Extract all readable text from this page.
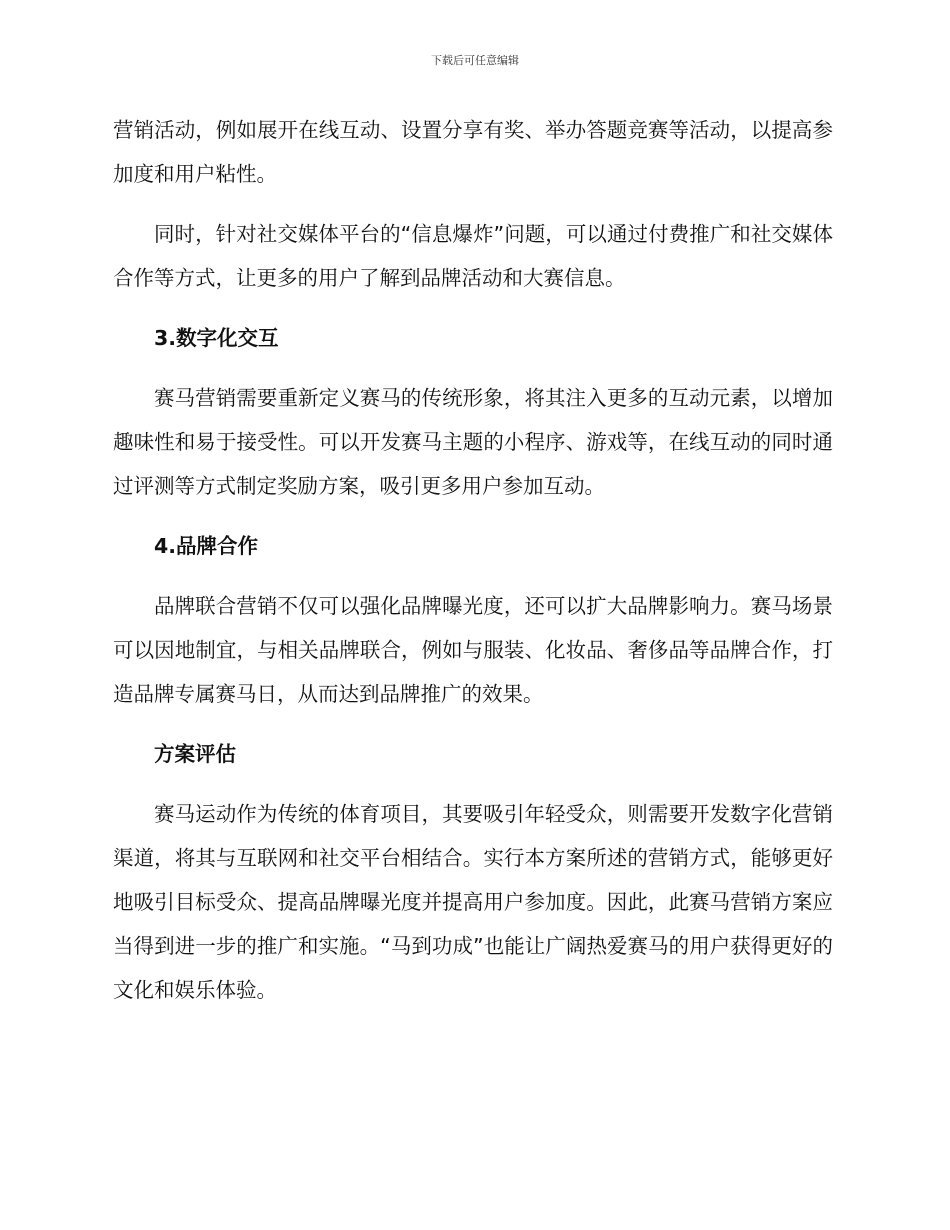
下载后可任意编辑

营销活动，例如展开在线互动、设置分享有奖、举办答题竞赛等活动，以提高参加度和用户粘性。

同时，针对社交媒体平台的“信息爆炸”问题，可以通过付费推广和社交媒体合作等方式，让更多的用户了解到品牌活动和大赛信息。

3.数字化交互

赛马营销需要重新定义赛马的传统形象，将其注入更多的互动元素，以增加趣味性和易于接受性。可以开发赛马主题的小程序、游戏等，在线互动的同时通过评测等方式制定奖励方案，吸引更多用户参加互动。

4.品牌合作

品牌联合营销不仅可以强化品牌曝光度，还可以扩大品牌影响力。赛马场景可以因地制宜，与相关品牌联合，例如与服装、化妆品、奢侈品等品牌合作，打造品牌专属赛马日，从而达到品牌推广的效果。

方案评估

赛马运动作为传统的体育项目，其要吸引年轻受众，则需要开发数字化营销渠道，将其与互联网和社交平台相结合。实行本方案所述的营销方式，能够更好地吸引目标受众、提高品牌曝光度并提高用户参加度。因此，此赛马营销方案应当得到进一步的推广和实施。“马到功成”也能让广阔热爱赛马的用户获得更好的文化和娱乐体验。
